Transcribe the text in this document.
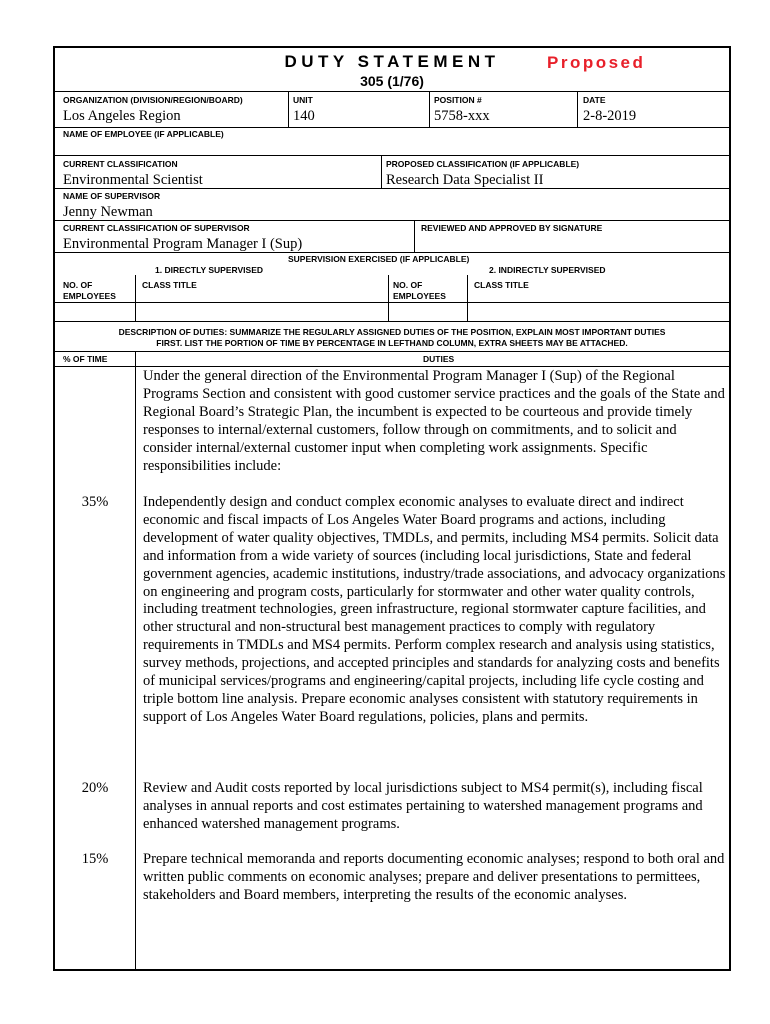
DUTY STATEMENT	Proposed
305 (1/76)
ORGANIZATION (DIVISION/REGION/BOARD)
Los Angeles Region
UNIT
140
POSITION #
5758-xxx
DATE
2-8-2019
NAME OF EMPLOYEE (IF APPLICABLE)
CURRENT CLASSIFICATION
Environmental Scientist
PROPOSED CLASSIFICATION (IF APPLICABLE)
Research Data Specialist II
NAME OF SUPERVISOR
Jenny Newman
CURRENT CLASSIFICATION OF SUPERVISOR
Environmental Program Manager I (Sup)
REVIEWED AND APPROVED BY SIGNATURE
SUPERVISION EXERCISED (IF APPLICABLE)
1. DIRECTLY SUPERVISED	2. INDIRECTLY SUPERVISED
NO. OF
EMPLOYEES
CLASS TITLE	NO. OF
EMPLOYEES
CLASS TITLE
DESCRIPTION OF DUTIES: SUMMARIZE THE REGULARLY ASSIGNED DUTIES OF THE POSITION, EXPLAIN MOST IMPORTANT DUTIES
FIRST. LIST THE PORTION OF TIME BY PERCENTAGE IN LEFTHAND COLUMN, EXTRA SHEETS MAY BE ATTACHED.
% OF TIME	DUTIES
Under the general direction of the Environmental Program Manager I (Sup) of the Regional Programs Section and consistent with good customer service practices and the goals of the State and Regional Board’s Strategic Plan, the incumbent is expected to be courteous and provide timely responses to internal/external customers, follow through on commitments, and to solicit and consider internal/external customer input when completing work assignments. Specific responsibilities include:
35%	Independently design and conduct complex economic analyses to evaluate direct and indirect economic and fiscal impacts of Los Angeles Water Board programs and actions, including development of water quality objectives, TMDLs, and permits, including MS4 permits. Solicit data and information from a wide variety of sources (including local jurisdictions, State and federal government agencies, academic institutions, industry/trade associations, and advocacy organizations on engineering and program costs, particularly for stormwater and other water quality controls, including treatment technologies, green infrastructure, regional stormwater capture facilities, and other structural and non-structural best management practices to comply with regulatory requirements in TMDLs and MS4 permits. Perform complex research and analysis using statistics, survey methods, projections, and accepted principles and standards for analyzing costs and benefits of municipal services/programs and engineering/capital projects, including life cycle costing and triple bottom line analysis. Prepare economic analyses consistent with statutory requirements in support of Los Angeles Water Board regulations, policies, plans and permits.
20%	Review and Audit costs reported by local jurisdictions subject to MS4 permit(s), including fiscal analyses in annual reports and cost estimates pertaining to watershed management programs and enhanced watershed management programs.
15%	Prepare technical memoranda and reports documenting economic analyses; respond to both oral and written public comments on economic analyses; prepare and deliver presentations to permittees, stakeholders and Board members, interpreting the results of the economic analyses.
